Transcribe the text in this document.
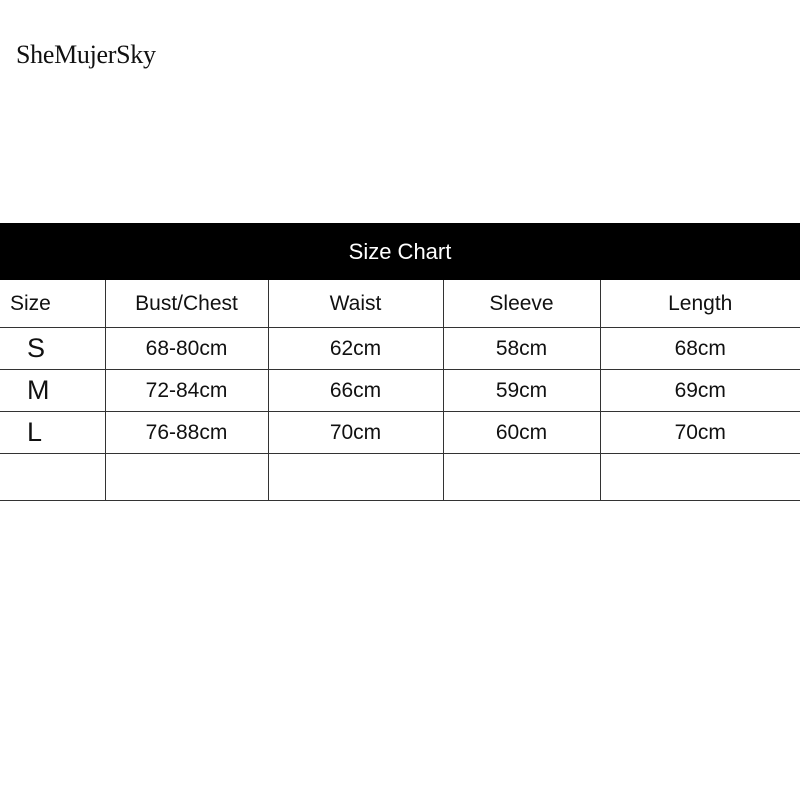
SheMujerSky
Size Chart
Size	Bust/Chest	Waist	Sleeve	Length
S	68-80cm	62cm	58cm	68cm
M	72-84cm	66cm	59cm	69cm
L	76-88cm	70cm	60cm	70cm
